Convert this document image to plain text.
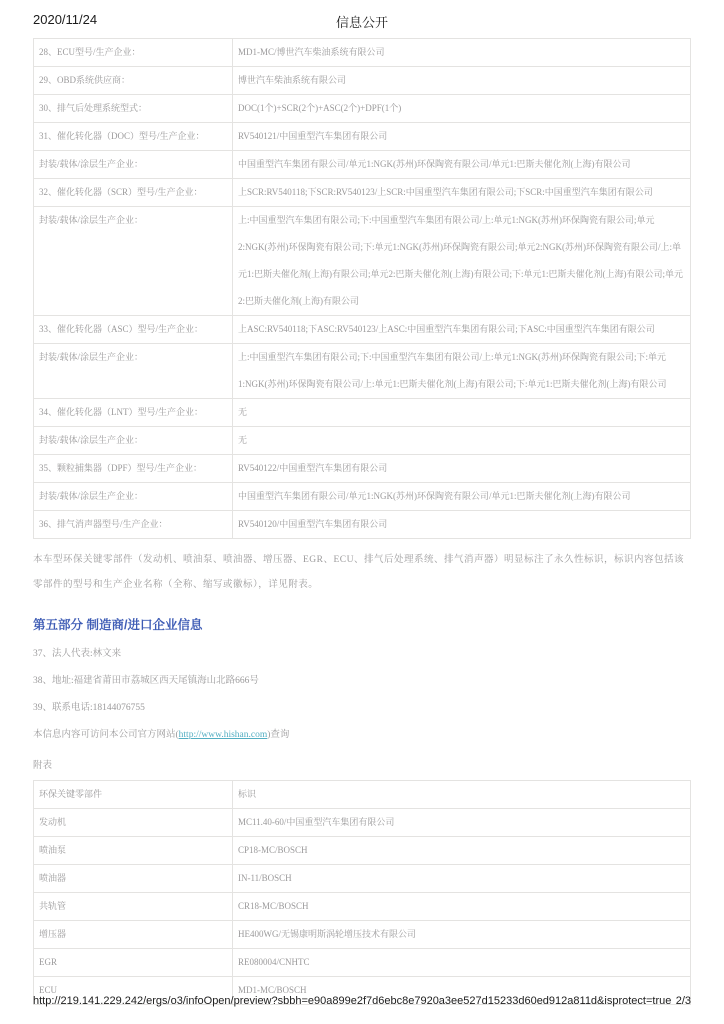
2020/11/24	信息公开
28、ECU型号/生产企业：	MD1-MC/博世汽车柴油系统有限公司
29、OBD系统供应商：	博世汽车柴油系统有限公司
30、排气后处理系统型式：	DOC(1个)+SCR(2个)+ASC(2个)+DPF(1个)
31、催化转化器（DOC）型号/生产企业：	RV540121/中国重型汽车集团有限公司
封装/载体/涂层生产企业：	中国重型汽车集团有限公司/单元1:NGK(苏州)环保陶瓷有限公司/单元1:巴斯夫催化剂(上海)有限公司
32、催化转化器（SCR）型号/生产企业：	上SCR:RV540118;下SCR:RV540123/上SCR:中国重型汽车集团有限公司;下SCR:中国重型汽车集团有限公司
封装/载体/涂层生产企业：	上:中国重型汽车集团有限公司;下:中国重型汽车集团有限公司/上:单元1:NGK(苏州)环保陶瓷有限公司;单元2:NGK(苏州)环保陶瓷有限公司;下:单元1:NGK(苏州)环保陶瓷有限公司;单元2:NGK(苏州)环保陶瓷有限公司/上:单元1:巴斯夫催化剂(上海)有限公司;单元2:巴斯夫催化剂(上海)有限公司;下:单元1:巴斯夫催化剂(上海)有限公司;单元2:巴斯夫催化剂(上海)有限公司
33、催化转化器（ASC）型号/生产企业：	上ASC:RV540118;下ASC:RV540123/上ASC:中国重型汽车集团有限公司;下ASC:中国重型汽车集团有限公司
封装/载体/涂层生产企业：	上:中国重型汽车集团有限公司;下:中国重型汽车集团有限公司/上:单元1:NGK(苏州)环保陶瓷有限公司;下:单元1:NGK(苏州)环保陶瓷有限公司/上:单元1:巴斯夫催化剂(上海)有限公司;下:单元1:巴斯夫催化剂(上海)有限公司
34、催化转化器（LNT）型号/生产企业：	无
封装/载体/涂层生产企业：	无
35、颗粒捕集器（DPF）型号/生产企业：	RV540122/中国重型汽车集团有限公司
封装/载体/涂层生产企业：	中国重型汽车集团有限公司/单元1:NGK(苏州)环保陶瓷有限公司/单元1:巴斯夫催化剂(上海)有限公司
36、排气消声器型号/生产企业：	RV540120/中国重型汽车集团有限公司
本车型环保关键零部件（发动机、喷油泵、喷油器、增压器、EGR、ECU、排气后处理系统、排气消声器）明显标注了永久性标识，标识内容包括该零部件的型号和生产企业名称（全称、缩写或徽标），详见附表。
第五部分 制造商/进口企业信息
37、法人代表:林文来
38、地址:福建省莆田市荔城区西天尾镇海山北路666号
39、联系电话:18144076755
本信息内容可访问本公司官方网站(http://www.hishan.com)查询
附表
环保关键零部件	标识
发动机	MC11.40-60/中国重型汽车集团有限公司
喷油泵	CP18-MC/BOSCH
喷油器	IN-11/BOSCH
共轨管	CR18-MC/BOSCH
增压器	HE400WG/无锡康明斯涡轮增压技术有限公司
EGR	RE080004/CNHTC
ECU	MD1-MC/BOSCH
http://219.141.229.242/ergs/o3/infoOpen/preview?sbbh=e90a899e2f7d6ebc8e7920a3ee527d15233d60ed912a811d&isprotect=true 2/3
